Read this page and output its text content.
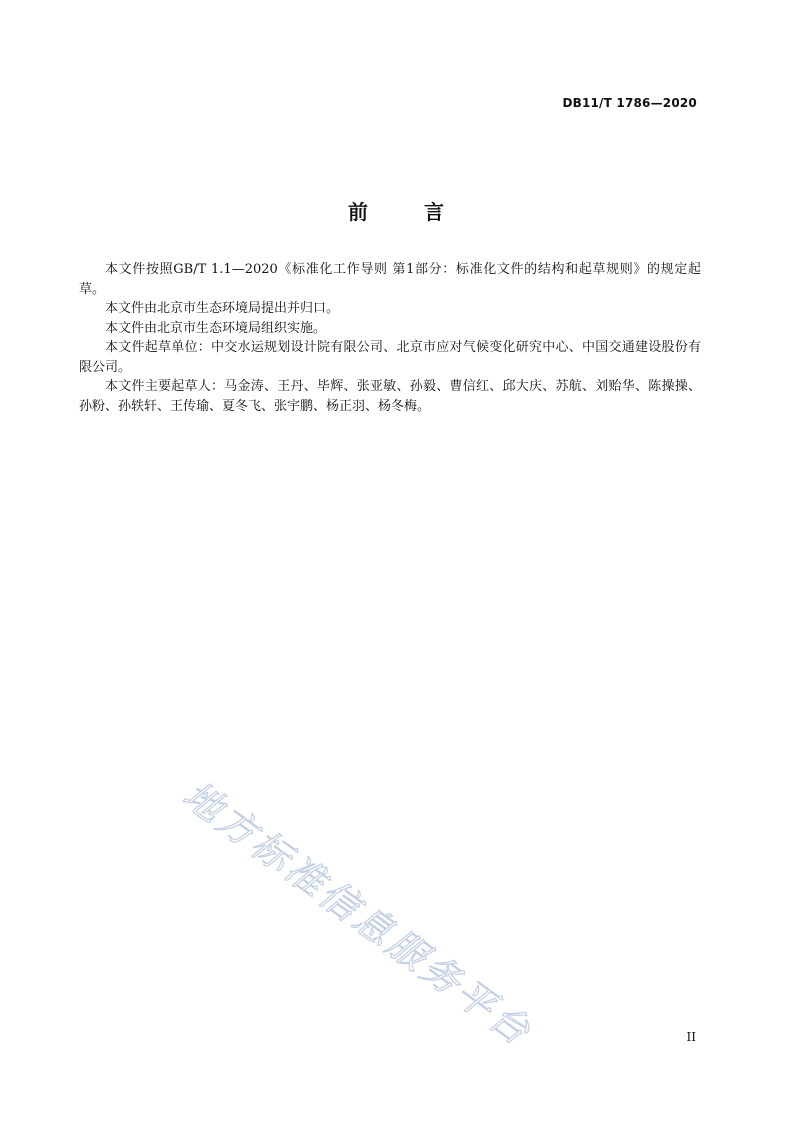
DB11/T 1786—2020
前　言

本文件按照GB/T 1.1—2020《标准化工作导则 第1部分：标准化文件的结构和起草规则》的规定起草。

本文件由北京市生态环境局提出并归口。

本文件由北京市生态环境局组织实施。

本文件起草单位：中交水运规划设计院有限公司、北京市应对气候变化研究中心、中国交通建设股份有限公司。

本文件主要起草人：马金涛、王丹、毕辉、张亚敏、孙毅、曹信红、邱大庆、苏航、刘贻华、陈操操、孙粉、孙轶轩、王传瑜、夏冬飞、张宇鹏、杨正羽、杨冬梅。

地方标准信息服务平台	II
